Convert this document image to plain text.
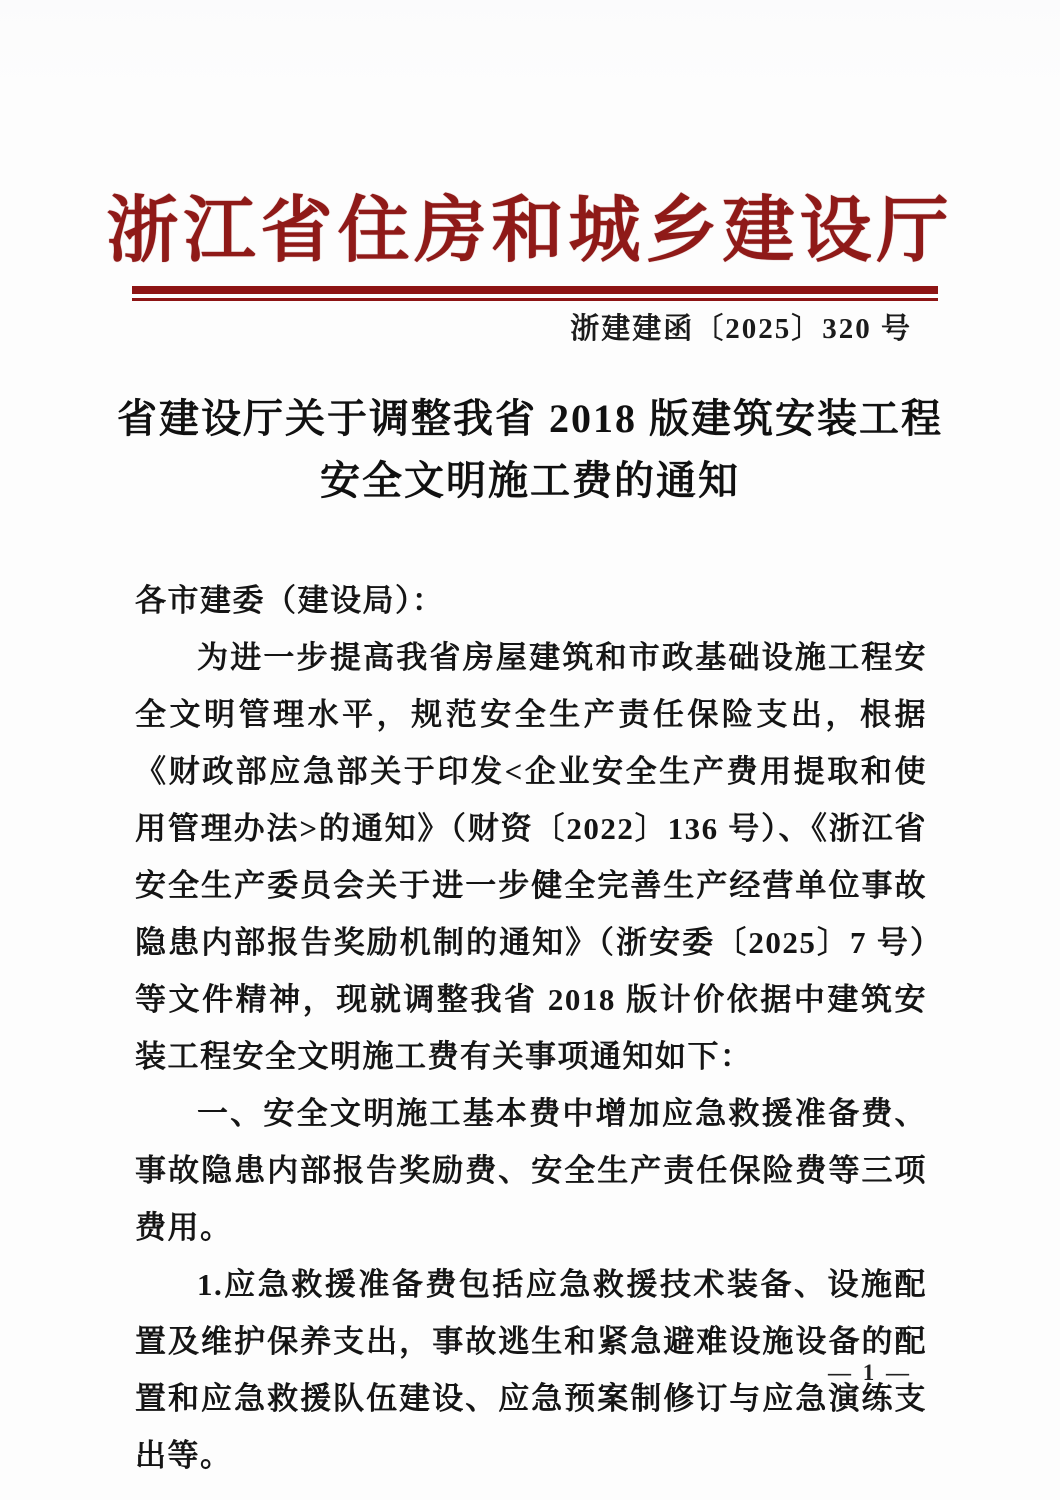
浙江省住房和城乡建设厅
浙建建函〔2025〕320 号
省建设厅关于调整我省 2018 版建筑安装工程
安全文明施工费的通知

各市建委（建设局）：

为进一步提高我省房屋建筑和市政基础设施工程安全文明管理水平，规范安全生产责任保险支出，根据《财政部应急部关于印发<企业安全生产费用提取和使用管理办法>的通知》（财资〔2022〕136 号）、《浙江省安全生产委员会关于进一步健全完善生产经营单位事故隐患内部报告奖励机制的通知》（浙安委〔2025〕7 号）等文件精神，现就调整我省 2018 版计价依据中建筑安装工程安全文明施工费有关事项通知如下：

一、安全文明施工基本费中增加应急救援准备费、事故隐患内部报告奖励费、安全生产责任保险费等三项费用。

1.应急救援准备费包括应急救援技术装备、设施配置及维护保养支出，事故逃生和紧急避难设施设备的配置和应急救援队伍建设、应急预案制修订与应急演练支出等。

— 1 —
